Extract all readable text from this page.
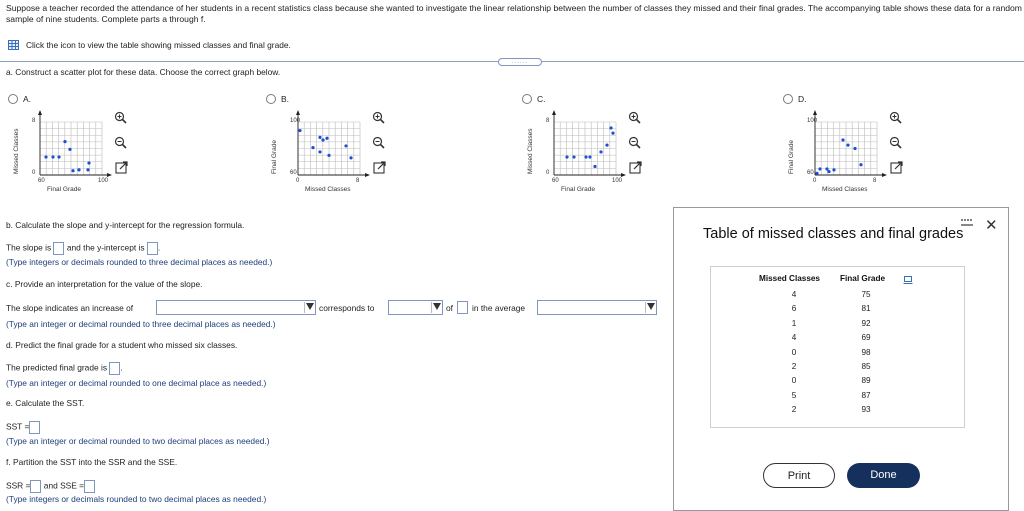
Suppose a teacher recorded the attendance of her students in a recent statistics class because she wanted to investigate the linear relationship between the number of classes they missed and their final grades. The accompanying table shows these data for a random sample of nine students. Complete parts a through f.
Click the icon to view the table showing missed classes and final grade.
......
a. Construct a scatter plot for these data. Choose the correct graph below.
A.
8
0
60	100
Final Grade
Missed Classes
B.
100
60
0	8
Missed Classes
Final Grade
C.
8
0
60	100
Final Grade
Missed Classes
D.
100
60
0	8
Missed Classes
Final Grade
b. Calculate the slope and y-intercept for the regression formula.
The slope is and the y-intercept is .
(Type integers or decimals rounded to three decimal places as needed.)
c. Provide an interpretation for the value of the slope.
The slope indicates an increase of	corresponds to	of in the average
(Type an integer or decimal rounded to three decimal places as needed.)
d. Predict the final grade for a student who missed six classes.
The predicted final grade is .
(Type an integer or decimal rounded to one decimal place as needed.)
e. Calculate the SST.
SST =
(Type an integer or decimal rounded to two decimal places as needed.)
f. Partition the SST into the SSR and the SSE.
SSR = and SSE =
(Type integers or decimals rounded to two decimal places as needed.)
✕
Table of missed classes and final grades
Missed Classes Final Grade
4	75
6	81
1	92
4	69
0	98
2	85
0	89
5	87
2	93
Print	Done
